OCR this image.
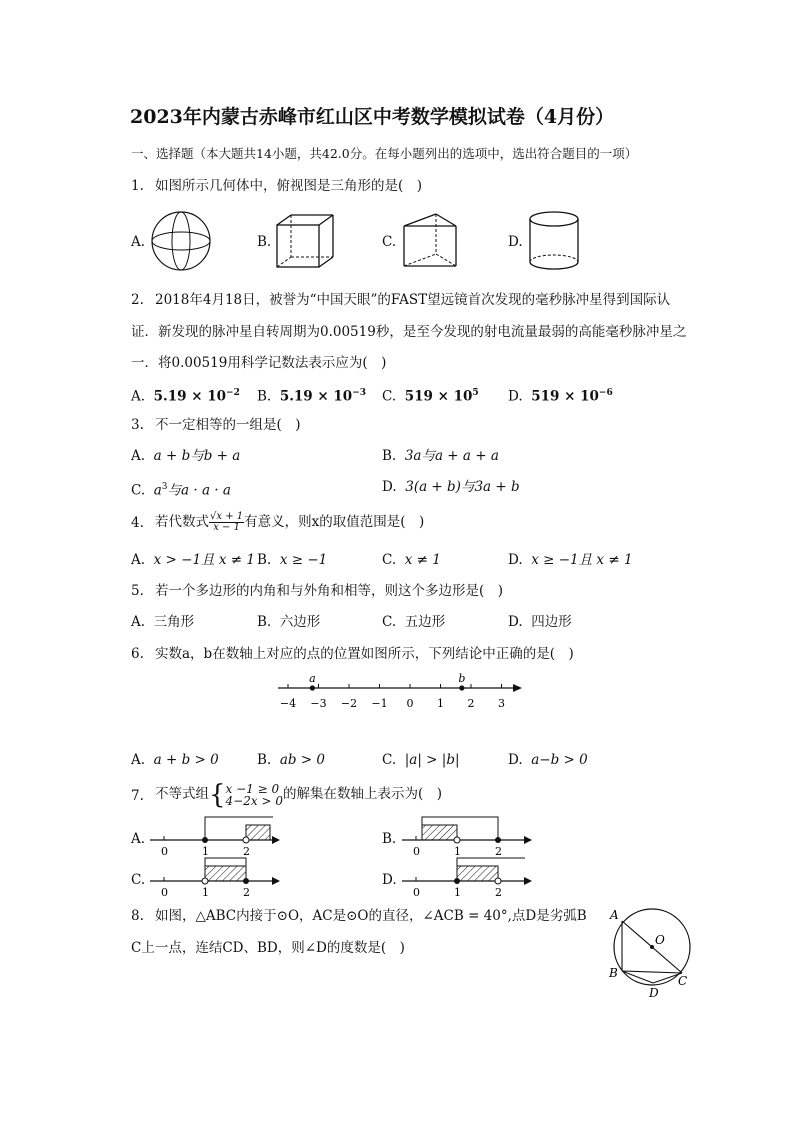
2023年内蒙古赤峰市红山区中考数学模拟试卷（4月份）
一、选择题（本大题共14小题，共42.0分。在每小题列出的选项中，选出符合题目的一项）
1. 如图所示几何体中，俯视图是三角形的是(　)
A.	B.	C.	D.
2. 2018年4月18日，被誉为“中国天眼”的FAST望远镜首次发现的毫秒脉冲星得到国际认
证．新发现的脉冲星自转周期为0.00519秒，是至今发现的射电流量最弱的高能毫秒脉冲星之
一．将0.00519用科学记数法表示应为(　)
A. $5.19 \times 10^{-2}$ B. $5.19 \times 10^{-3}$ C. $519 \times 10^5$ D. $519 \times 10^{-6}$
3. 不一定相等的一组是(　)
A. a + b与b + a	B. 3a与a + a + a
C. $a^3$与a · a · a	D. 3(a + b)与3a + b
4. 若代数式 $\frac{√x + 1}{x - 1}$ 有意义，则x的取值范围是(　)
A. x > −1且 x ≠ 1 B. x ≥ −1	C. x ≠ 1	D. x ≥ −1且 x ≠ 1
5. 若一个多边形的内角和与外角和相等，则这个多边形是(　)
A. 三角形	B. 六边形	C. 五边形	D. 四边形
6. 实数a，b在数轴上对应的点的位置如图所示，下列结论中正确的是(　)
−4 −3 −2 −1 0 1 2 3
a	b
A. a + b > 0	B. ab > 0	C. |a| > |b|	D. a−b > 0
7. 不等式组{ x −1 ≥ 0
4−2x > 0 的解集在数轴上表示为(　)
A.
0	1	2
B.
0	1	2
C.
0	1	2
D.
0	1	2
8. 如图，△ABC内接于⊙O，AC是⊙O的直径，∠ACB = 40°,点D是劣弧B
C上一点，连结CD、BD，则∠D的度数是(　)
A
O
B
C
D
